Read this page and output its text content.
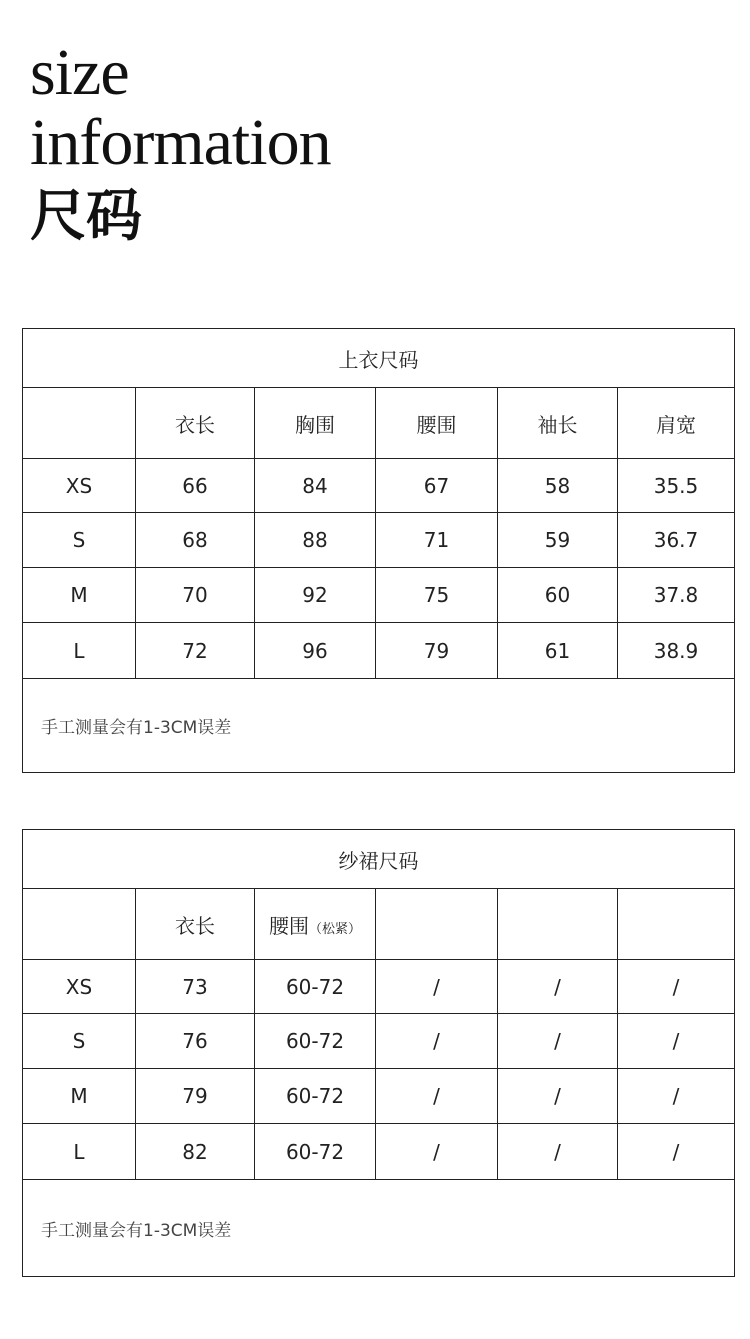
size
information
尺码
上衣尺码					
	衣长	胸围	腰围	袖长	肩宽
XS	66	84	67	58	35.5
S	68	88	71	59	36.7
M	70	92	75	60	37.8
L	72	96	79	61	38.9
手工测量会有1-3CM误差					
纱裙尺码					
	衣长	腰围（松紧）			
XS	73	60-72	/	/	/
S	76	60-72	/	/	/
M	79	60-72	/	/	/
L	82	60-72	/	/	/
手工测量会有1-3CM误差					
